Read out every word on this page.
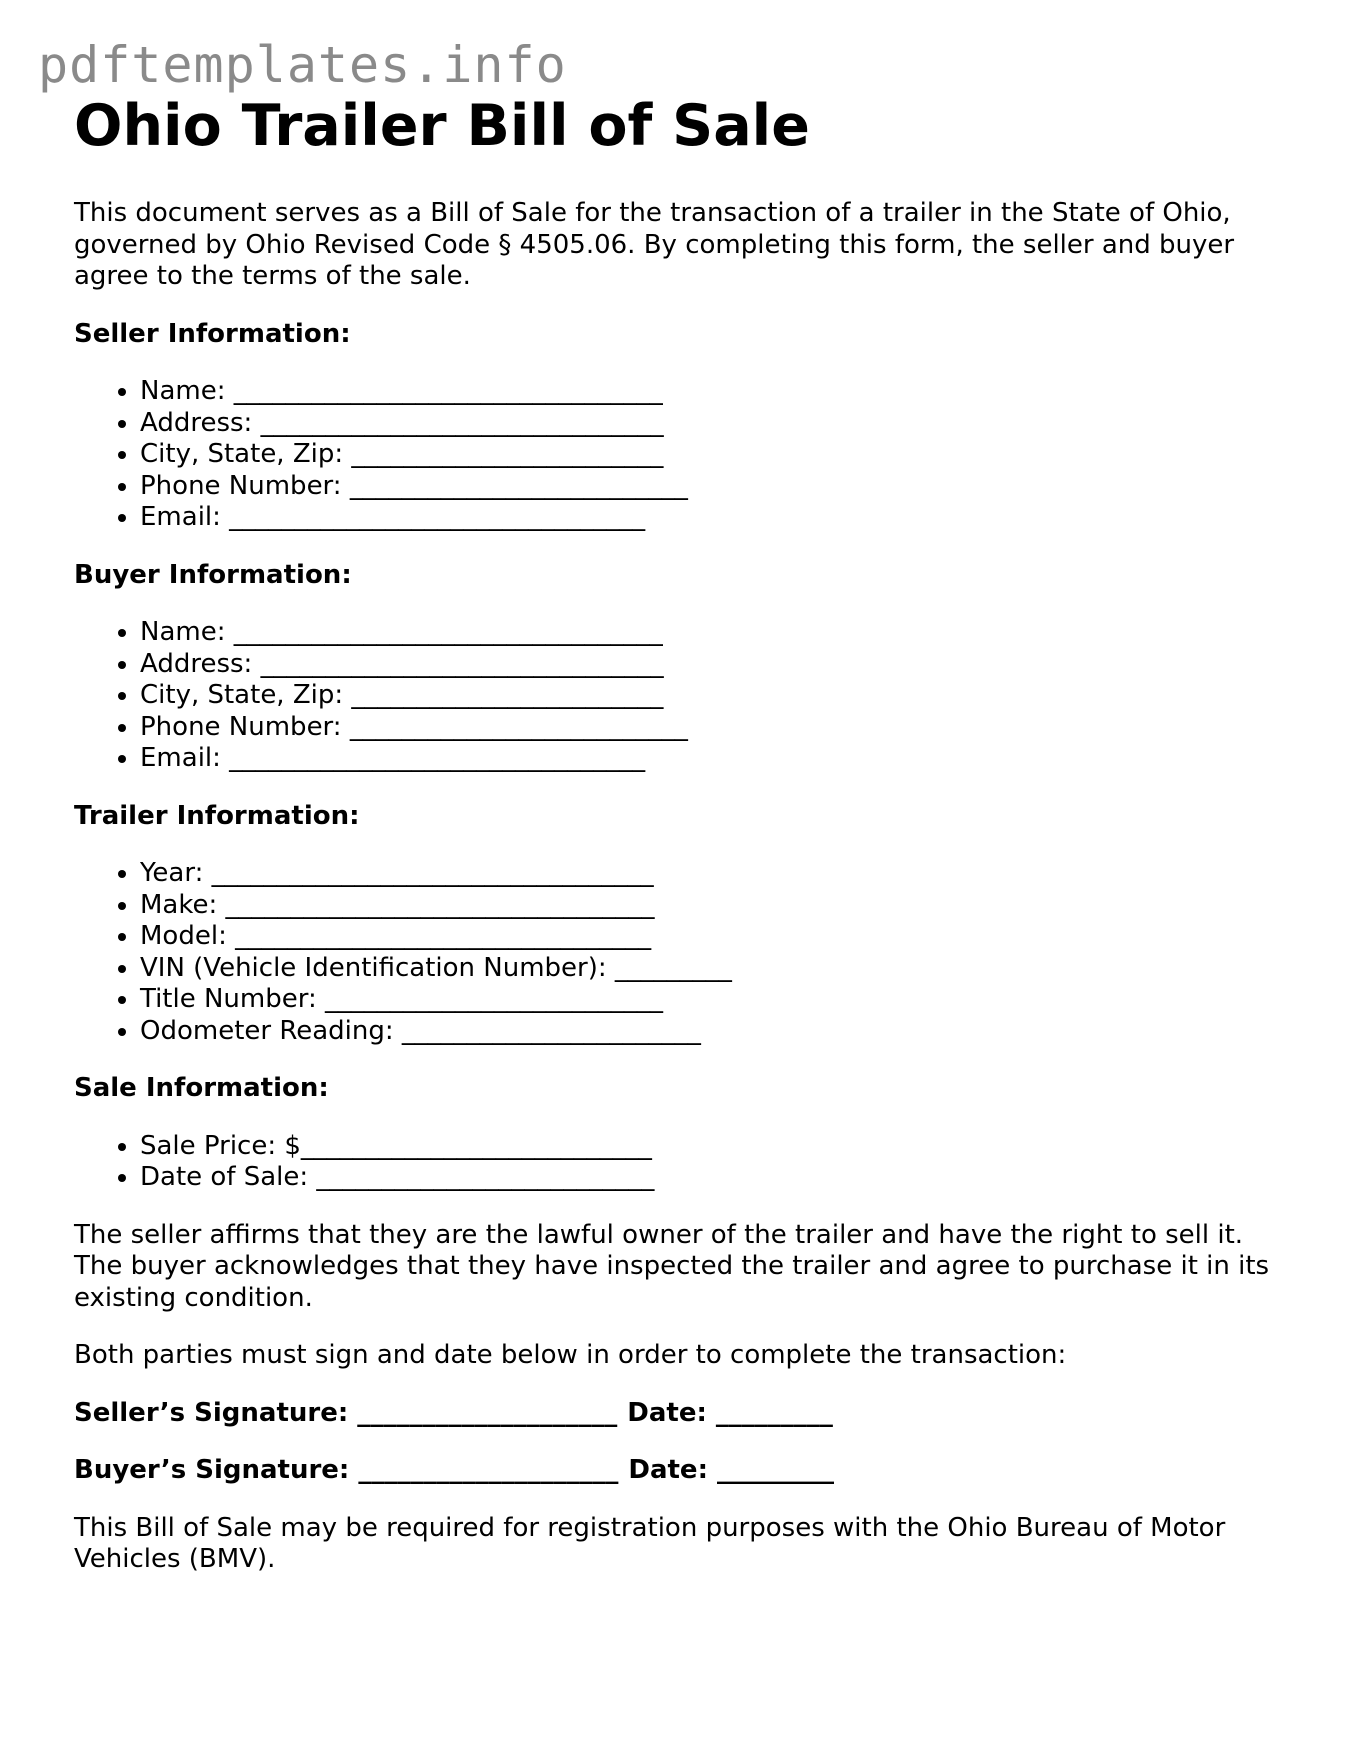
pdftemplates.info
Ohio Trailer Bill of Sale

This document serves as a Bill of Sale for the transaction of a trailer in the State of Ohio, governed by Ohio Revised Code § 4505.06. By completing this form, the seller and buyer agree to the terms of the sale.

Seller Information:
• Name: _________________________________
• Address: _______________________________
• City, State, Zip: ________________________
• Phone Number: __________________________
• Email: ________________________________
Buyer Information:
• Name: _________________________________
• Address: _______________________________
• City, State, Zip: ________________________
• Phone Number: __________________________
• Email: ________________________________
Trailer Information:
• Year: __________________________________
• Make: _________________________________
• Model: ________________________________
• VIN (Vehicle Identification Number): _________
• Title Number: __________________________
• Odometer Reading: _______________________
Sale Information:
• Sale Price: $___________________________
• Date of Sale: __________________________

The seller affirms that they are the lawful owner of the trailer and have the right to sell it. The buyer acknowledges that they have inspected the trailer and agree to purchase it in its existing condition.

Both parties must sign and date below in order to complete the transaction:

Seller’s Signature: ____________________ Date: _________
Buyer’s Signature: ____________________ Date: _________

This Bill of Sale may be required for registration purposes with the Ohio Bureau of Motor Vehicles (BMV).
